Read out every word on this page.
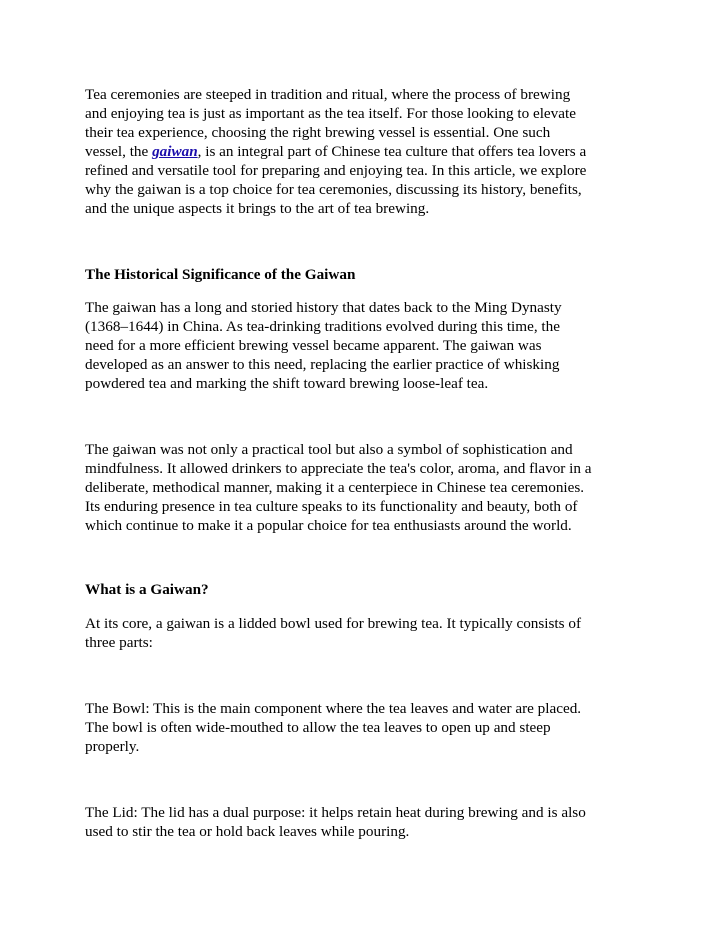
Tea ceremonies are steeped in tradition and ritual, where the process of brewing
and enjoying tea is just as important as the tea itself. For those looking to elevate
their tea experience, choosing the right brewing vessel is essential. One such
vessel, the gaiwan, is an integral part of Chinese tea culture that offers tea lovers a
refined and versatile tool for preparing and enjoying tea. In this article, we explore
why the gaiwan is a top choice for tea ceremonies, discussing its history, benefits,
and the unique aspects it brings to the art of tea brewing.

The Historical Significance of the Gaiwan

The gaiwan has a long and storied history that dates back to the Ming Dynasty
(1368–1644) in China. As tea-drinking traditions evolved during this time, the
need for a more efficient brewing vessel became apparent. The gaiwan was
developed as an answer to this need, replacing the earlier practice of whisking
powdered tea and marking the shift toward brewing loose-leaf tea.

The gaiwan was not only a practical tool but also a symbol of sophistication and
mindfulness. It allowed drinkers to appreciate the tea's color, aroma, and flavor in a
deliberate, methodical manner, making it a centerpiece in Chinese tea ceremonies.
Its enduring presence in tea culture speaks to its functionality and beauty, both of
which continue to make it a popular choice for tea enthusiasts around the world.

What is a Gaiwan?

At its core, a gaiwan is a lidded bowl used for brewing tea. It typically consists of
three parts:

The Bowl: This is the main component where the tea leaves and water are placed.
The bowl is often wide-mouthed to allow the tea leaves to open up and steep
properly.

The Lid: The lid has a dual purpose: it helps retain heat during brewing and is also
used to stir the tea or hold back leaves while pouring.
